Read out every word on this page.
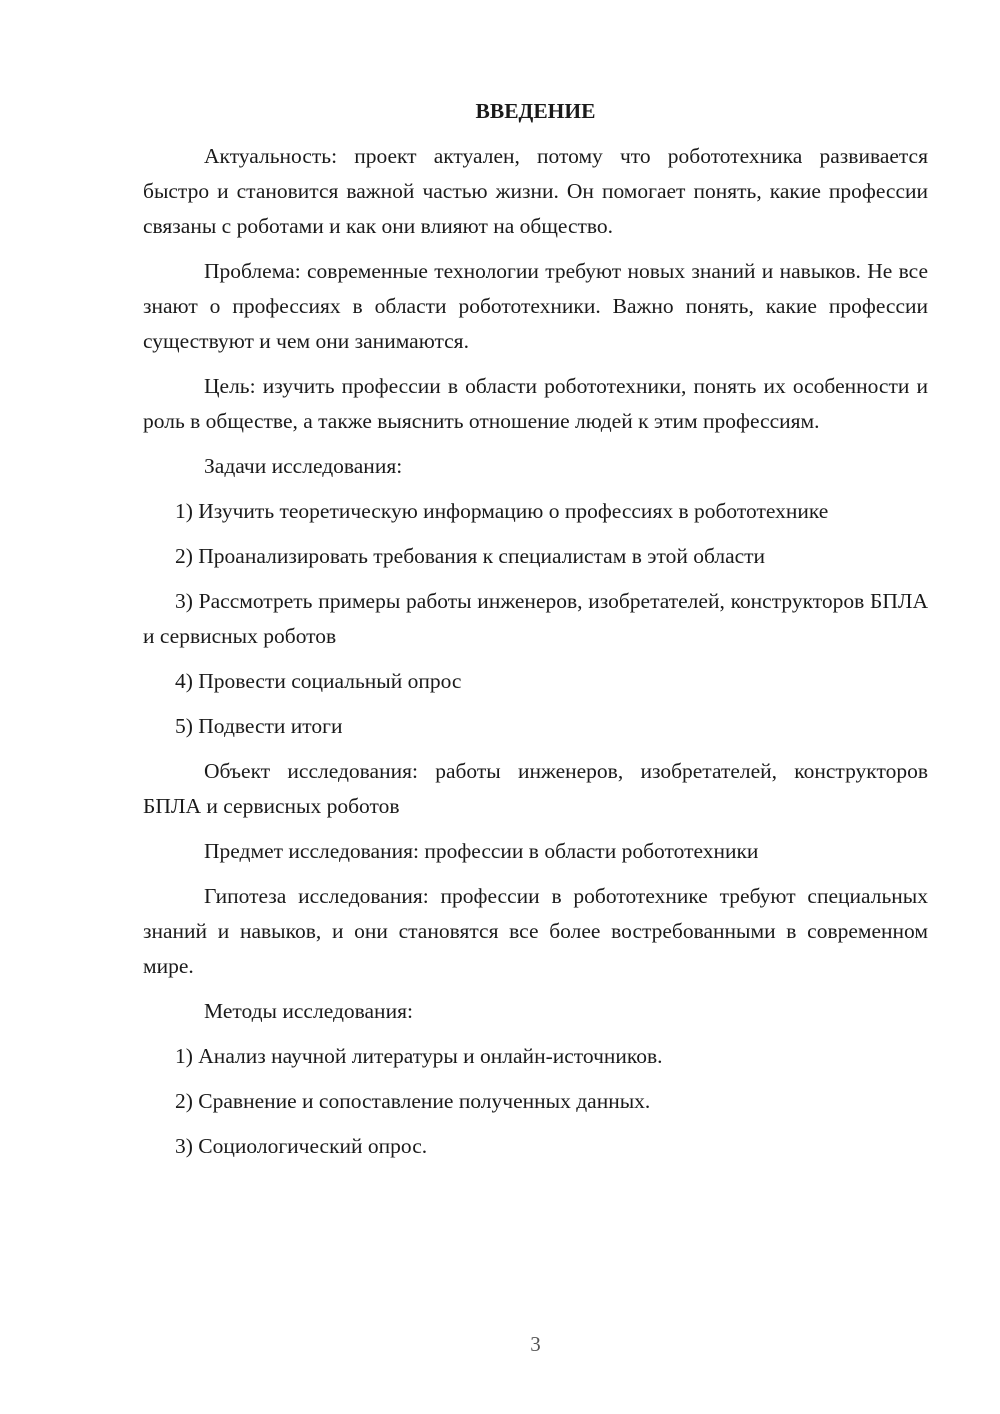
ВВЕДЕНИЕ

Актуальность: проект актуален, потому что робототехника развивается быстро и становится важной частью жизни. Он помогает понять, какие профессии связаны с роботами и как они влияют на общество.

Проблема: современные технологии требуют новых знаний и навыков. Не все знают о профессиях в области робототехники. Важно понять, какие профессии существуют и чем они занимаются.

Цель: изучить профессии в области робототехники, понять их особенности и роль в обществе, а также выяснить отношение людей к этим профессиям.

Задачи исследования:

1) Изучить теоретическую информацию о профессиях в робототехнике

2) Проанализировать требования к специалистам в этой области

3) Рассмотреть примеры работы инженеров, изобретателей, конструкторов БПЛА и сервисных роботов

4) Провести социальный опрос

5) Подвести итоги

Объект исследования: работы инженеров, изобретателей, конструкторов БПЛА и сервисных роботов

Предмет исследования: профессии в области робототехники

Гипотеза исследования: профессии в робототехнике требуют специальных знаний и навыков, и они становятся все более востребованными в современном мире.

Методы исследования:

1) Анализ научной литературы и онлайн-источников.

2) Сравнение и сопоставление полученных данных.

3) Социологический опрос.

3
